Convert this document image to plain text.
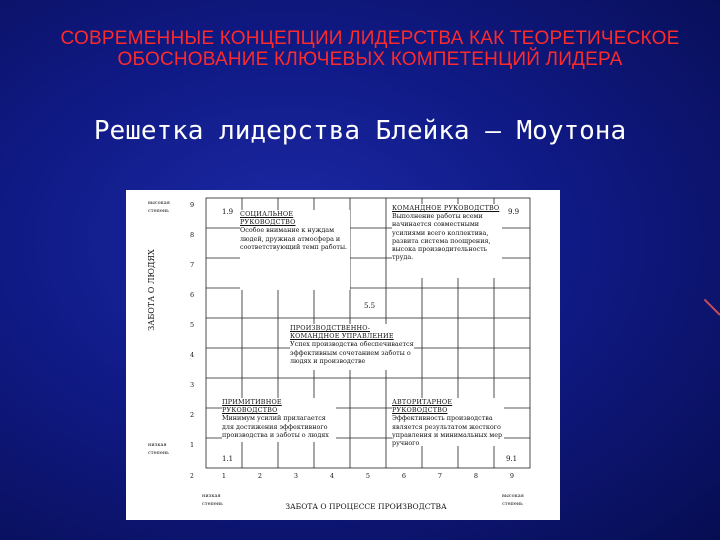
СОВРЕМЕННЫЕ КОНЦЕПЦИИ ЛИДЕРСТВА КАК ТЕОРЕТИЧЕСКОЕ ОБОСНОВАНИЕ КЛЮЧЕВЫХ КОМПЕТЕНЦИЙ ЛИДЕРА
Решетка лидерства Блейка – Моутона
ЗАБОТА О ЛЮДЯХ
ЗАБОТА О ПРОЦЕССЕ ПРОИЗВОДСТВА
высокая
степень
низкая
степень
низкая
степень
высокая
степень
2
1.9	9.9
5.5
1.1	9.1
9
8
7
6
5
4
3
2
1
1	2	3	4	5	6	7	8	9
СОЦИАЛЬНОЕ РУКОВОДСТВО
Особое внимание к нуждам людей, дружная атмосфера и соответствующий темп работы.
КОМАНДНОЕ РУКОВОДСТВО
Выполнение работы всеми начинается совместными усилиями всего коллектива, развита система поощрения, высока производительность труда.
ПРОИЗВОДСТВЕННО-КОМАНДНОЕ УПРАВЛЕНИЕ
Успех производства обеспечивается эффективным сочетанием заботы о людях и производстве
ПРИМИТИВНОЕ РУКОВОДСТВО
Минимум усилий прилагается для достижения эффективного производства и заботы о людях
АВТОРИТАРНОЕ РУКОВОДСТВО
Эффективность производства является результатом жесткого управления и минимальных мер ручного
